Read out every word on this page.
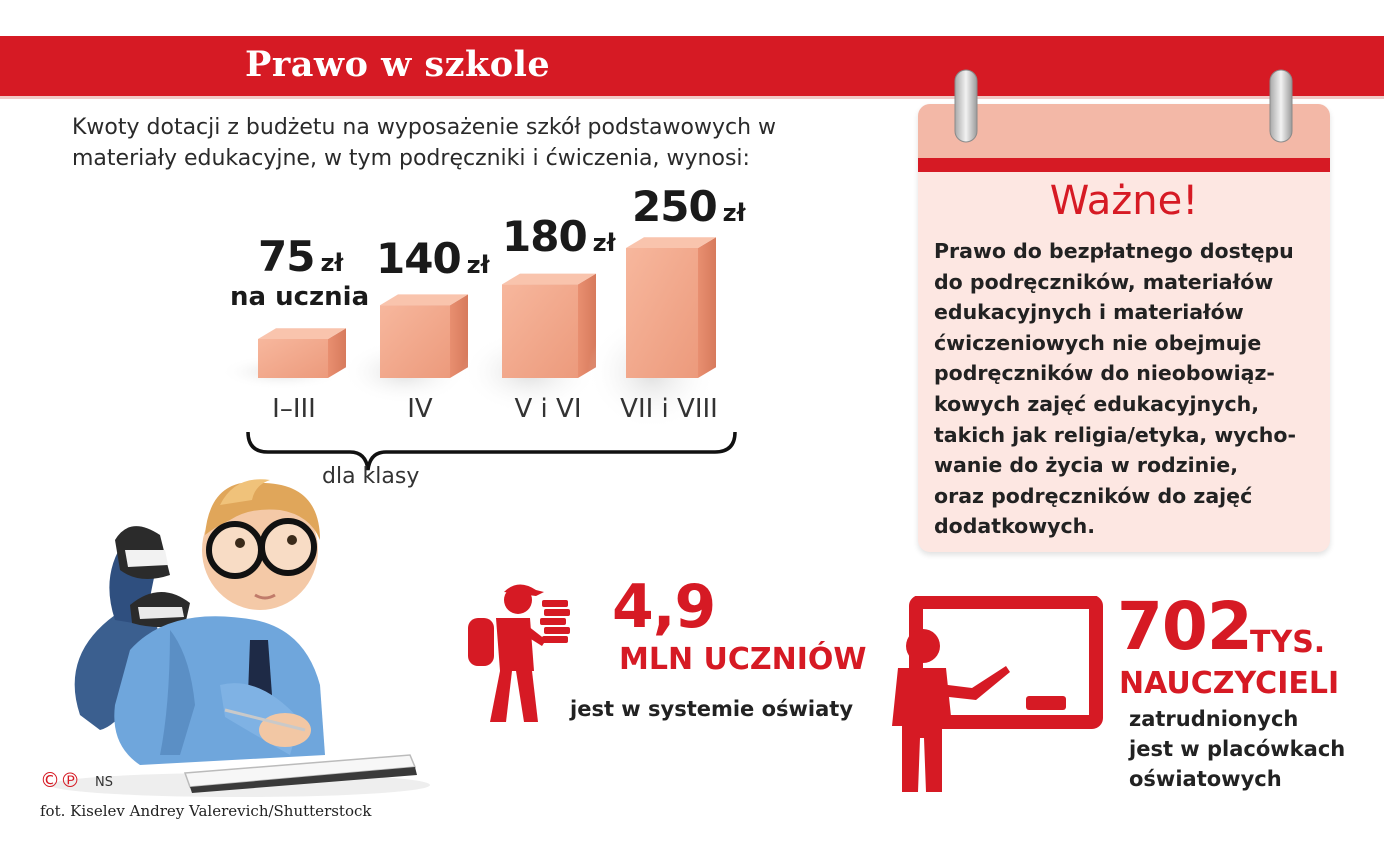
Prawo w szkole
Kwoty dotacji z budżetu na wyposażenie szkół podstawowych w materiały edukacyjne, w tym podręczniki i ćwiczenia, wynosi:
75 zł
na ucznia
140 zł
180 zł
250 zł
I–III	IV	V i VI	VII i VIII
dla klasy
Ważne!
Prawo do bezpłatnego dostępu
do podręczników, materiałów
edukacyjnych i materiałów
ćwiczeniowych nie obejmuje
podręczników do nieobowiąz-
kowych zajęć edukacyjnych,
takich jak religia/etyka, wycho-
wanie do życia w rodzinie,
oraz podręczników do zajęć
dodatkowych.
4,9
MLN UCZNIÓW
jest w systemie oświaty
702
TYS.
NAUCZYCIELI
zatrudnionych
jest w placówkach
oświatowych
©℗ NS
fot. Kiselev Andrey Valerevich/Shutterstock
